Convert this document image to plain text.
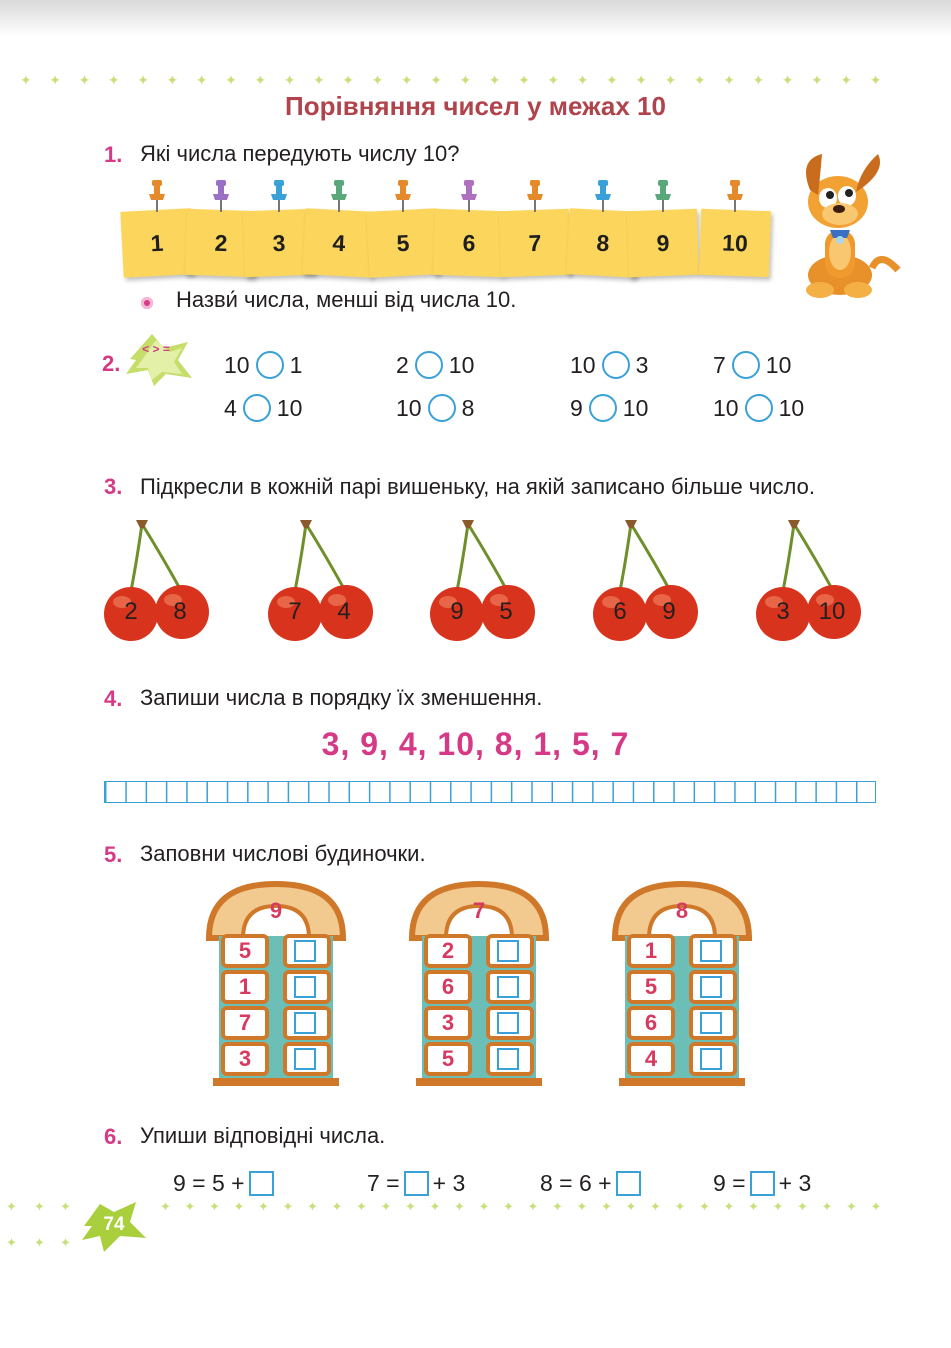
✦ ✦ ✦ ✦ ✦ ✦ ✦ ✦ ✦ ✦ ✦ ✦ ✦ ✦ ✦ ✦ ✦ ✦ ✦ ✦ ✦ ✦ ✦ ✦ ✦ ✦ ✦ ✦ ✦ ✦
Порівняння чисел у межах 10
1. Які числа передують числу 10?
1	2	3	4	5	6	7	8	9	10
Назви́ числа, менші від числа 10.
2.
< > =
10 1	2 10	10 3	7 10
4 10	10 8	9 10	10 10
3. Підкресли в кожній парі вишеньку, на якій записано більше число.
2	8	7	4	9	5	6	9	3	10
4. Запиши числа в порядку їх зменшення.
3, 9, 4, 10, 8, 1, 5, 7
5. Заповни числові будиночки.
9
5
1
7
3
7
2
6
3
5
8
1
5
6
4
6. Упиши відповідні числа.
9 = 5 +	7 = + 3	8 = 6 +	9 = + 3
✦ ✦ ✦ ✦ ✦ ✦ ✦ ✦ ✦ ✦ ✦ ✦ ✦ ✦ ✦ ✦ ✦ ✦ ✦ ✦ ✦ ✦ ✦ ✦ ✦ ✦ ✦ ✦ ✦ ✦
✦ ✦ ✦
✦ ✦ ✦
74
